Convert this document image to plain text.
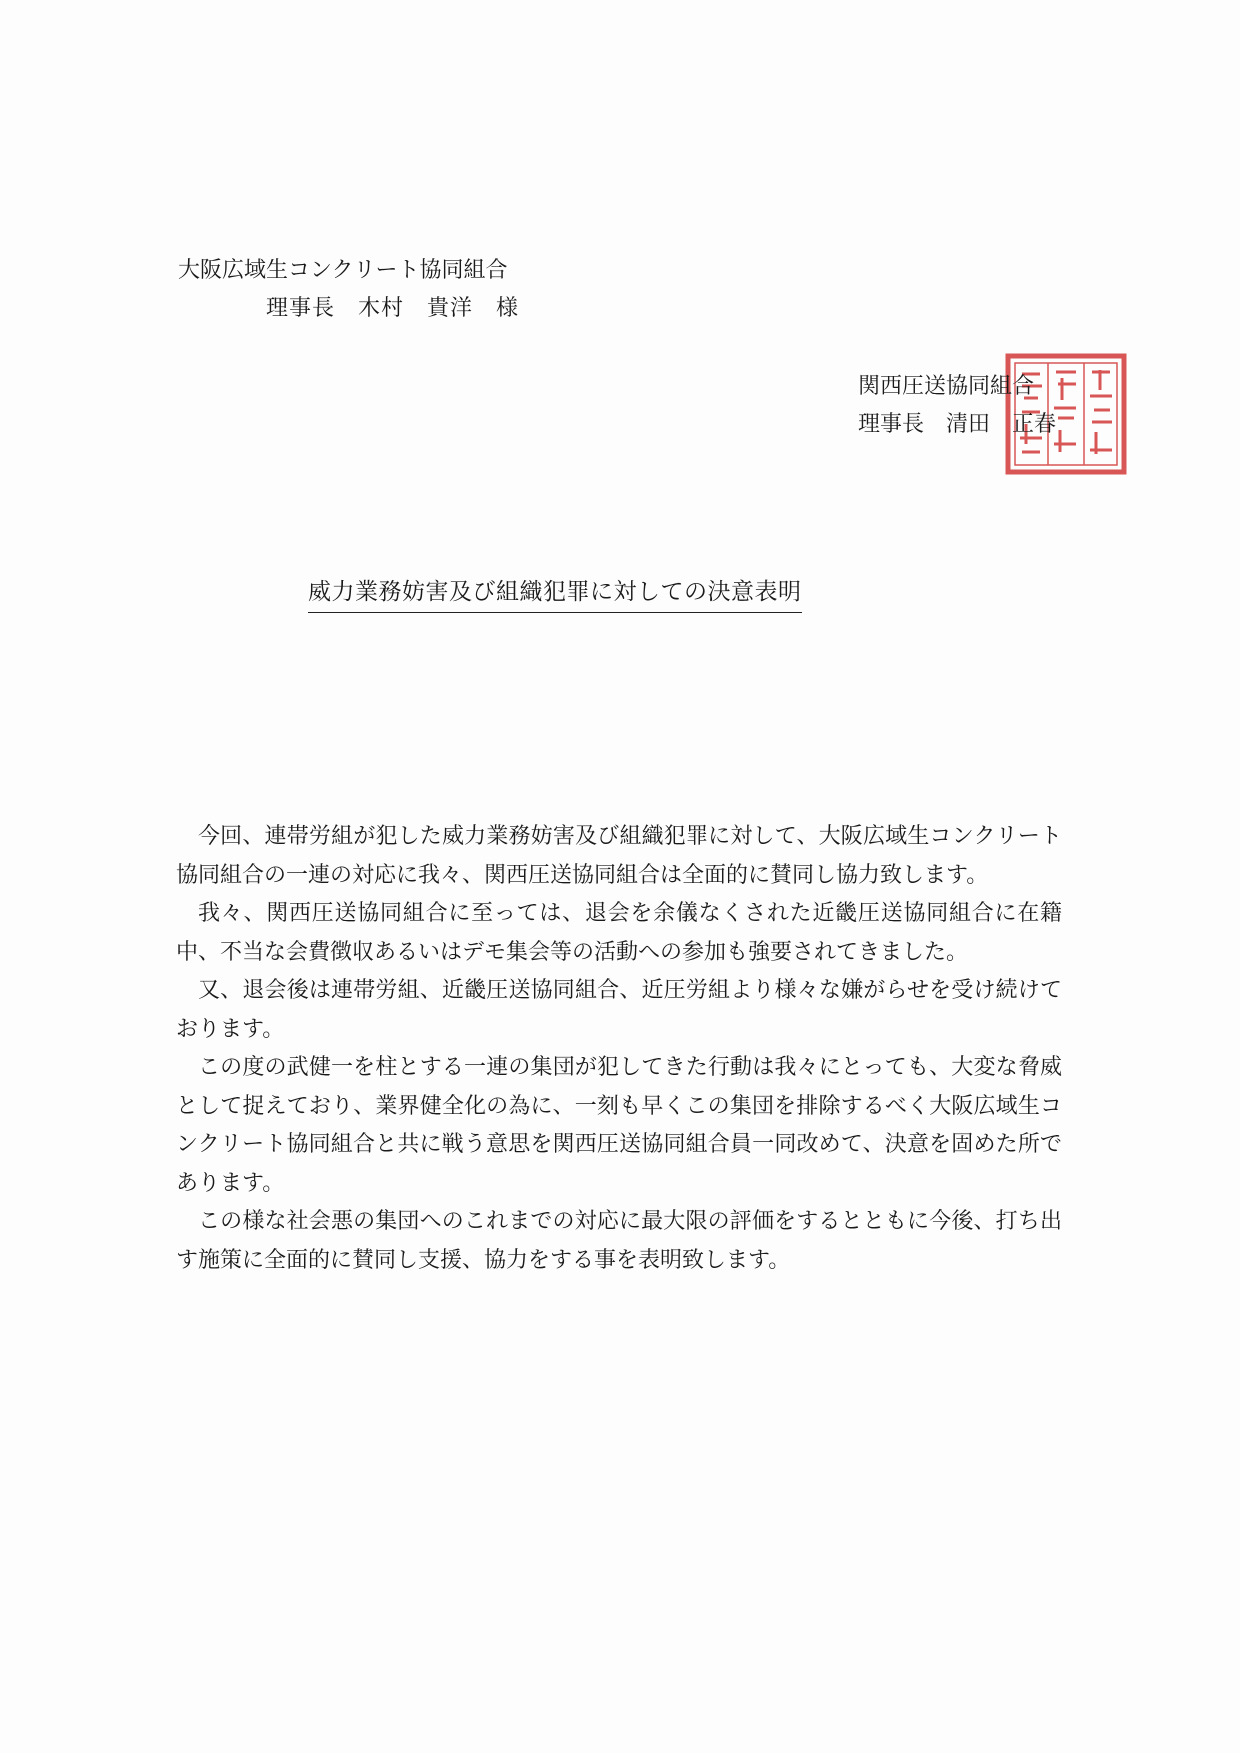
大阪広域生コンクリート協同組合
理事長　木村　貴洋　様
関西圧送協同組合
理事長　清田　正春
威力業務妨害及び組織犯罪に対しての決意表明

今回、連帯労組が犯した威力業務妨害及び組織犯罪に対して、大阪広域生コンクリート協同組合の一連の対応に我々、関西圧送協同組合は全面的に賛同し協力致します。

我々、関西圧送協同組合に至っては、退会を余儀なくされた近畿圧送協同組合に在籍中、不当な会費徴収あるいはデモ集会等の活動への参加も強要されてきました。

又、退会後は連帯労組、近畿圧送協同組合、近圧労組より様々な嫌がらせを受け続けております。

この度の武健一を柱とする一連の集団が犯してきた行動は我々にとっても、大変な脅威として捉えており、業界健全化の為に、一刻も早くこの集団を排除するべく大阪広域生コンクリート協同組合と共に戦う意思を関西圧送協同組合員一同改めて、決意を固めた所であります。

この様な社会悪の集団へのこれまでの対応に最大限の評価をするとともに今後、打ち出す施策に全面的に賛同し支援、協力をする事を表明致します。
